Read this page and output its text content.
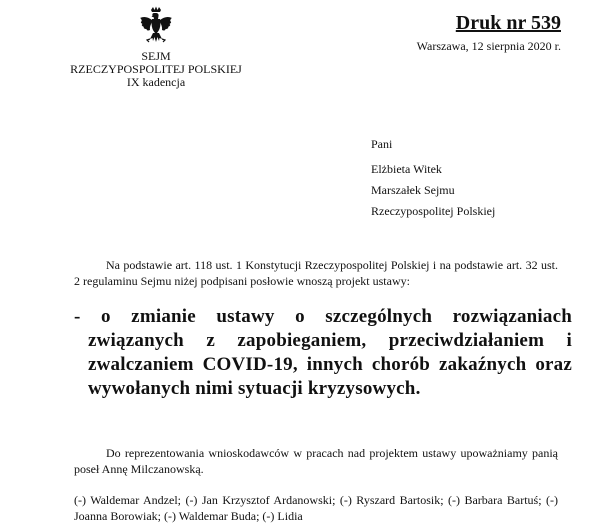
SEJM
RZECZYPOSPOLITEJ POLSKIEJ
IX kadencja
Druk nr 539
Warszawa, 12 sierpnia 2020 r.
Pani
Elżbieta Witek
Marszałek Sejmu
Rzeczypospolitej Polskiej
Na podstawie art. 118 ust. 1 Konstytucji Rzeczypospolitej Polskiej i na podstawie art. 32 ust. 2 regulaminu Sejmu niżej podpisani posłowie wnoszą projekt ustawy:
- o zmianie ustawy o szczególnych rozwiązaniach związanych z zapobieganiem, przeciwdziałaniem i zwalczaniem COVID-19, innych chorób zakaźnych oraz wywołanych nimi sytuacji kryzysowych.
Do reprezentowania wnioskodawców w pracach nad projektem ustawy upoważniamy panią poseł Annę Milczanowską.
(-) Waldemar Andzel; (-) Jan Krzysztof Ardanowski; (-) Ryszard Bartosik; (-) Barbara Bartuś; (-) Joanna Borowiak; (-) Waldemar Buda; (-) Lidia
